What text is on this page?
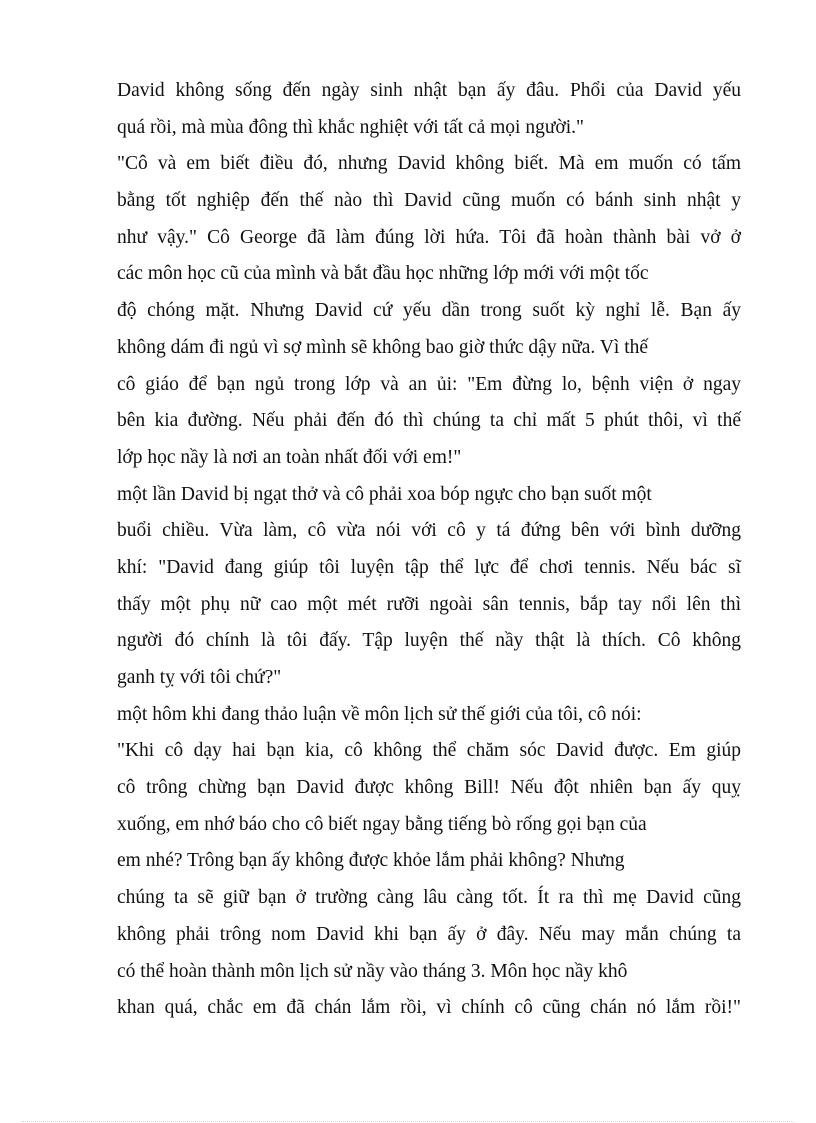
David không sống đến ngày sinh nhật bạn ấy đâu. Phổi của David yếu
quá rồi, mà mùa đông thì khắc nghiệt với tất cả mọi người."
"Cô và em biết điều đó, nhưng David không biết. Mà em muốn có tấm
bằng tốt nghiệp đến thế nào thì David cũng muốn có bánh sinh nhật y
như vậy." Cô George đã làm đúng lời hứa. Tôi đã hoàn thành bài vở ở
các môn học cũ của mình và bắt đầu học những lớp mới với một tốc
độ chóng mặt. Nhưng David cứ yếu dần trong suốt kỳ nghỉ lễ. Bạn ấy
không dám đi ngủ vì sợ mình sẽ không bao giờ thức dậy nữa. Vì thế
cô giáo để bạn ngủ trong lớp và an ủi: "Em đừng lo, bệnh viện ở ngay
bên kia đường. Nếu phải đến đó thì chúng ta chỉ mất 5 phút thôi, vì thế
lớp học nầy là nơi an toàn nhất đối với em!"
một lần David bị ngạt thở và cô phải xoa bóp ngực cho bạn suốt một
buổi chiều. Vừa làm, cô vừa nói với cô y tá đứng bên với bình dưỡng
khí: "David đang giúp tôi luyện tập thể lực để chơi tennis. Nếu bác sĩ
thấy một phụ nữ cao một mét rưỡi ngoài sân tennis, bắp tay nổi lên thì
người đó chính là tôi đấy. Tập luyện thế nầy thật là thích. Cô không
ganh tỵ với tôi chứ?"
một hôm khi đang thảo luận về môn lịch sử thế giới của tôi, cô nói:
"Khi cô dạy hai bạn kia, cô không thể chăm sóc David được. Em giúp
cô trông chừng bạn David được không Bill! Nếu đột nhiên bạn ấy quỵ
xuống, em nhớ báo cho cô biết ngay bằng tiếng bò rống gọi bạn của
em nhé? Trông bạn ấy không được khỏe lắm phải không? Nhưng
chúng ta sẽ giữ bạn ở trường càng lâu càng tốt. Ít ra thì mẹ David cũng
không phải trông nom David khi bạn ấy ở đây. Nếu may mắn chúng ta
có thể hoàn thành môn lịch sử nầy vào tháng 3. Môn học nầy khô
khan quá, chắc em đã chán lắm rồi, vì chính cô cũng chán nó lắm rồi!"
